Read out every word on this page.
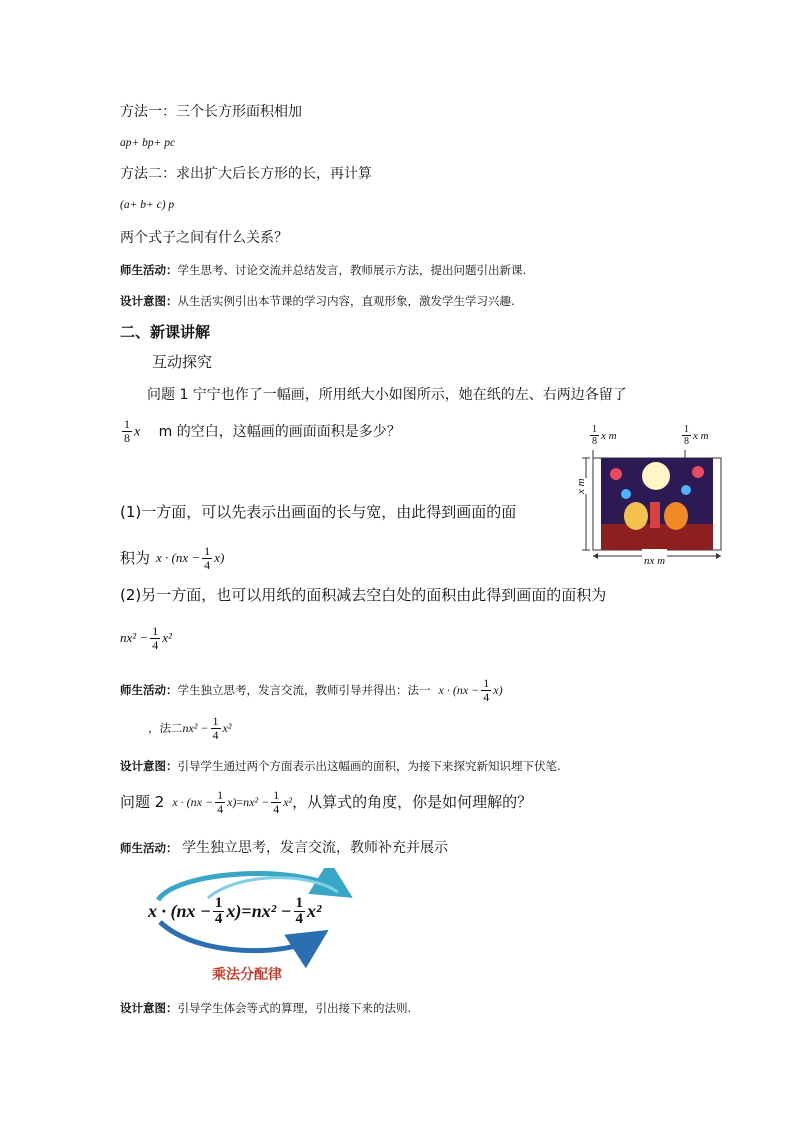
方法一：三个长方形面积相加
ap+ bp+ pc
方法二：求出扩大后长方形的长，再计算
(a+ b+ c) p
两个式子之间有什么关系？
师生活动：学生思考、讨论交流并总结发言，教师展示方法，提出问题引出新课.
设计意图：从生活实例引出本节课的学习内容，直观形象，激发学生学习兴趣.
二、新课讲解
互动探究
问题 1 宁宁也作了一幅画，所用纸大小如图所示，她在纸的左、右两边各留了
$\frac{1}{8}$ x m 的空白，这幅画的画面面积是多少？
(1)一方面，可以先表示出画面的长与宽，由此得到画面的面
积为 $x \cdot (nx - \frac{1}{4} x)$
(2)另一方面，也可以用纸的面积减去空白处的面积由此得到画面的面积为
$nx^2 - \frac{1}{4} x^2$
师生活动： 学生独立思考，发言交流，教师引导并得出：法一 $x \cdot (nx - \frac{1}{4} x)$
，法二 $nx^2 - \frac{1}{4} x^2$
设计意图：引导学生通过两个方面表示出这幅画的面积，为接下来探究新知识埋下伏笔.
问题 2 $x \cdot (nx - \frac{1}{4} x) = nx^2 - \frac{1}{4} x^2$ ，从算式的角度，你是如何理解的？
师生活动： 学生独立思考，发言交流，教师补充并展示
$x \cdot (nx - \frac{1}{4} x) = nx^2 - \frac{1}{4} x^2$
乘法分配律
设计意图：引导学生体会等式的算理，引出接下来的法则.
$\frac{1}{8}$ x m	$\frac{1}{8}$ x m
x m
nx m
